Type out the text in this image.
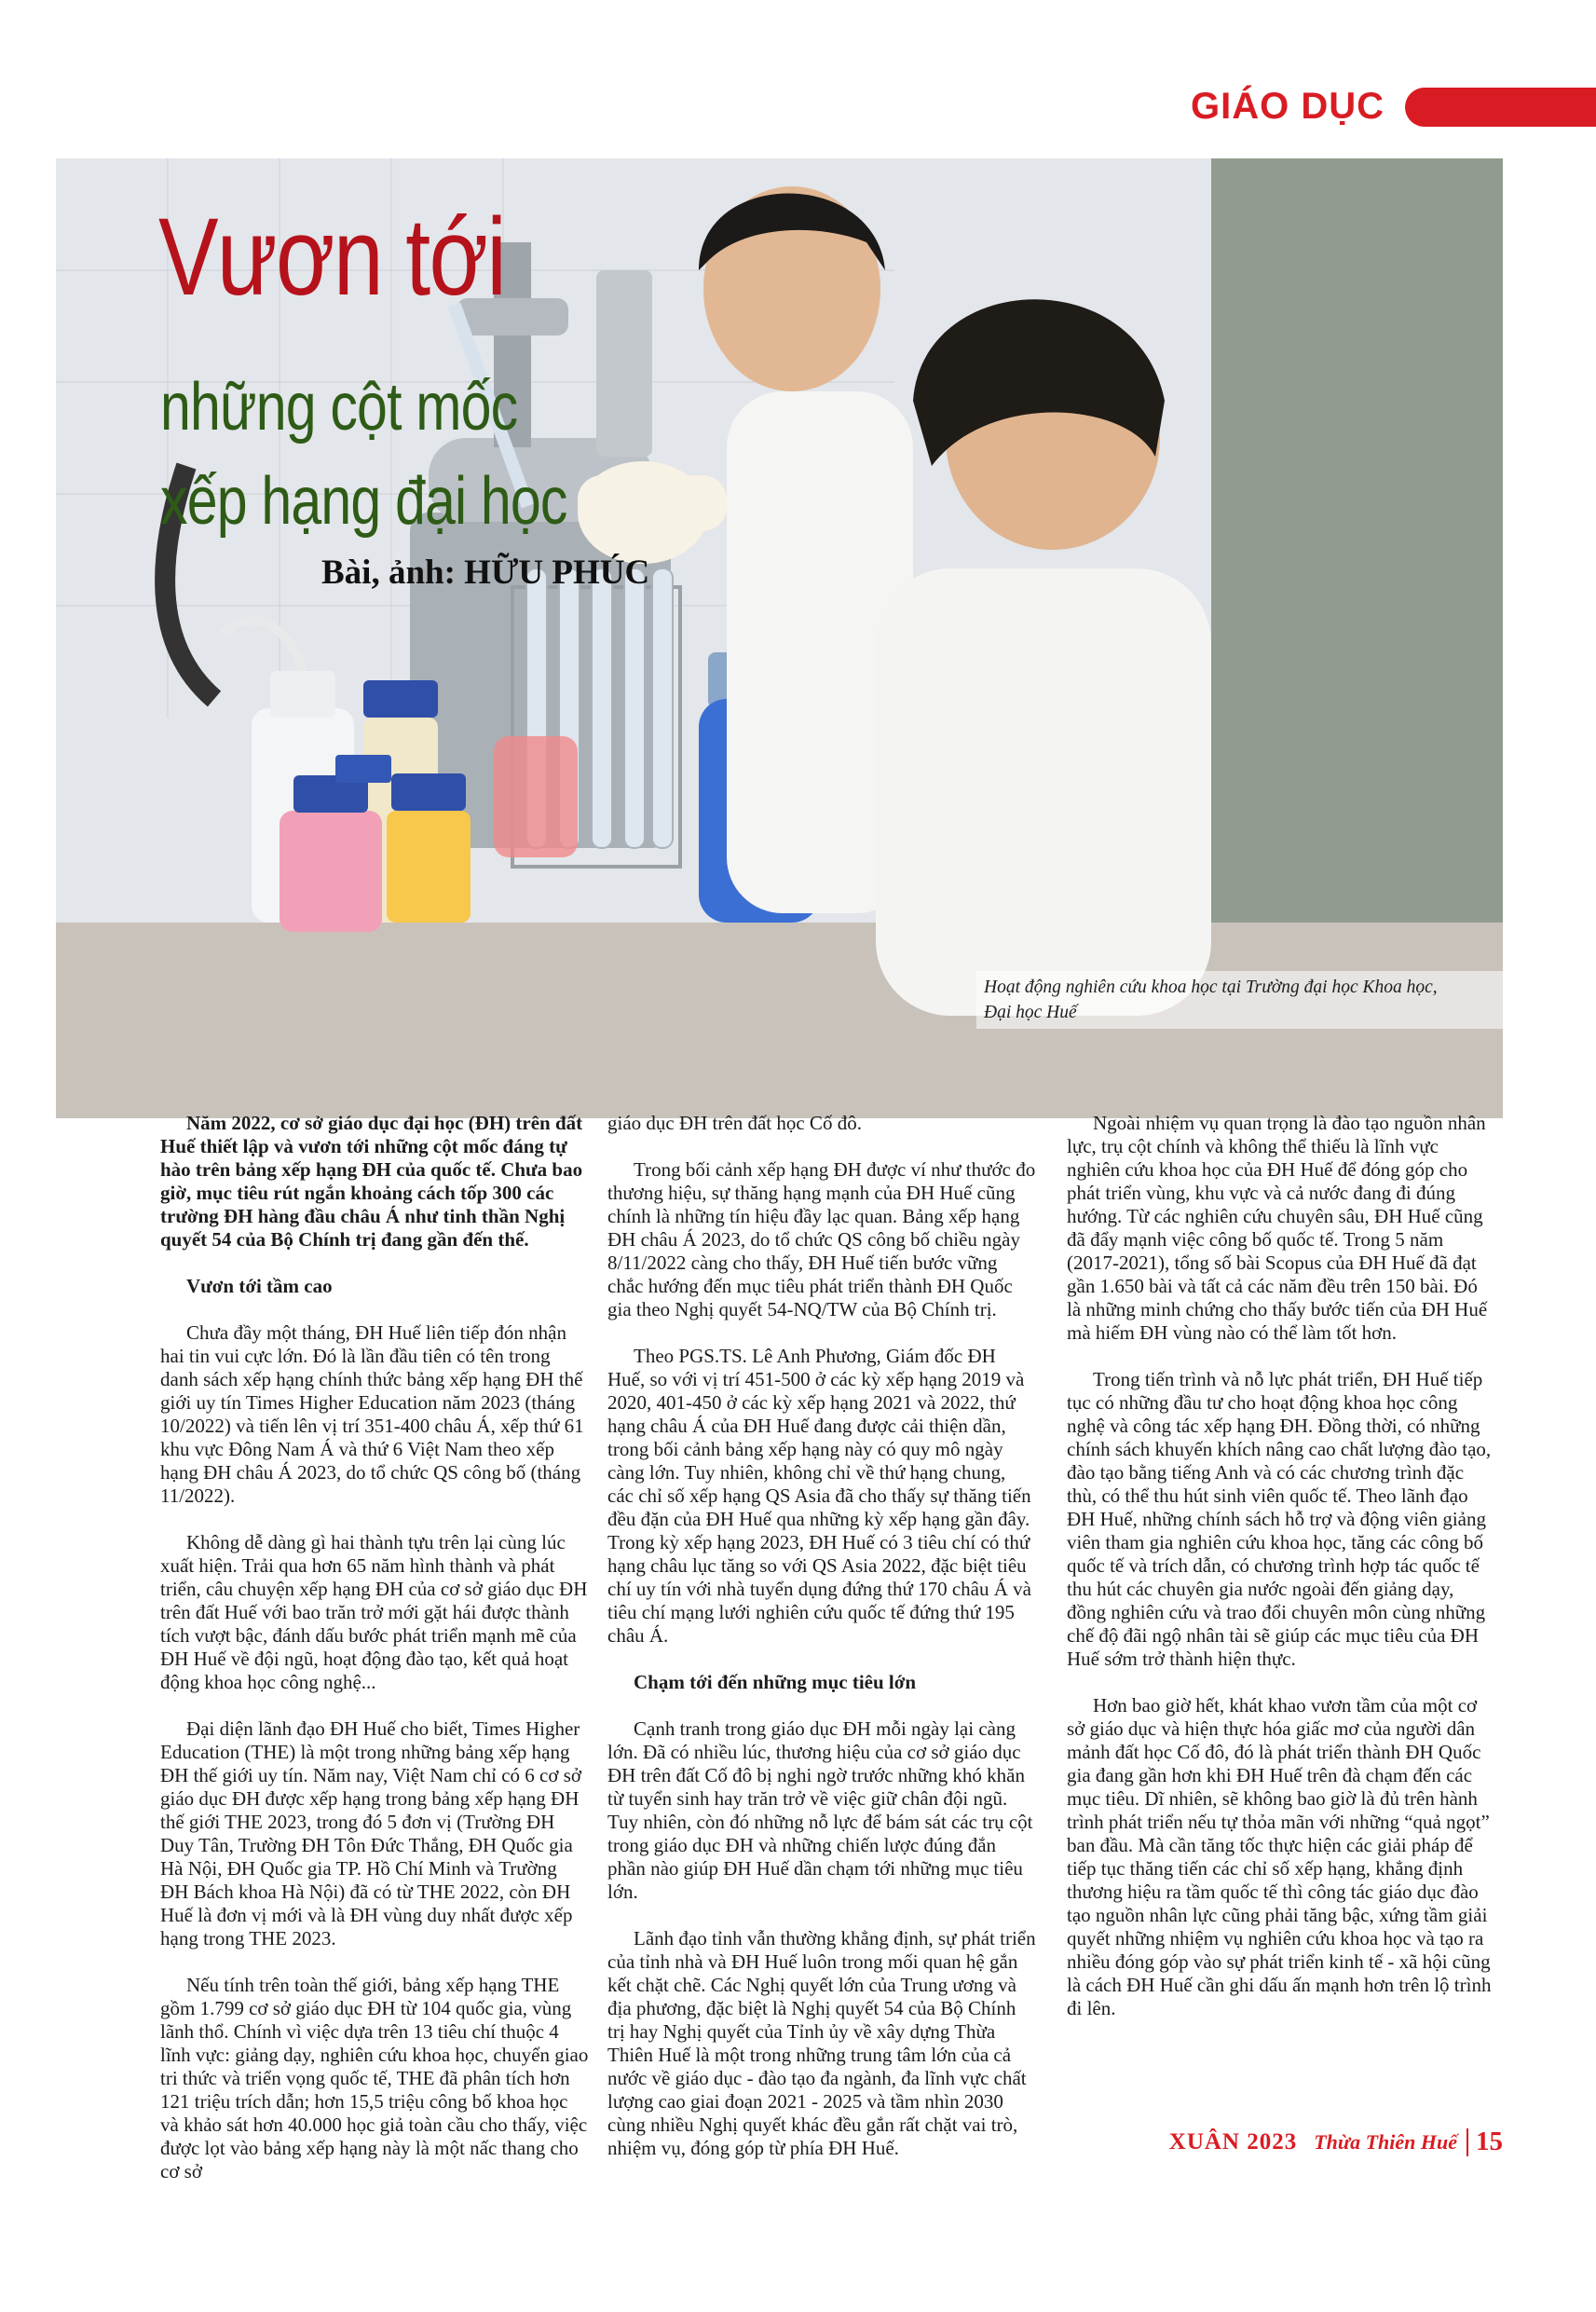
GIÁO DỤC
Vươn tới
những cột mốc
xếp hạng đại học
Bài, ảnh: HỮU PHÚC
Hoạt động nghiên cứu khoa học tại Trường đại học Khoa học,
Đại học Huế

Năm 2022, cơ sở giáo dục đại học (ĐH) trên đất Huế thiết lập và vươn tới những cột mốc đáng tự hào trên bảng xếp hạng ĐH của quốc tế. Chưa bao giờ, mục tiêu rút ngắn khoảng cách tốp 300 các trường ĐH hàng đầu châu Á như tinh thần Nghị quyết 54 của Bộ Chính trị đang gần đến thế.

Vươn tới tầm cao

Chưa đầy một tháng, ĐH Huế liên tiếp đón nhận hai tin vui cực lớn. Đó là lần đầu tiên có tên trong danh sách xếp hạng chính thức bảng xếp hạng ĐH thế giới uy tín Times Higher Education năm 2023 (tháng 10/2022) và tiến lên vị trí 351-400 châu Á, xếp thứ 61 khu vực Đông Nam Á và thứ 6 Việt Nam theo xếp hạng ĐH châu Á 2023, do tổ chức QS công bố (tháng 11/2022).

Không dễ dàng gì hai thành tựu trên lại cùng lúc xuất hiện. Trải qua hơn 65 năm hình thành và phát triển, câu chuyện xếp hạng ĐH của cơ sở giáo dục ĐH trên đất Huế với bao trăn trở mới gặt hái được thành tích vượt bậc, đánh dấu bước phát triển mạnh mẽ của ĐH Huế về đội ngũ, hoạt động đào tạo, kết quả hoạt động khoa học công nghệ...

Đại diện lãnh đạo ĐH Huế cho biết, Times Higher Education (THE) là một trong những bảng xếp hạng ĐH thế giới uy tín. Năm nay, Việt Nam chỉ có 6 cơ sở giáo dục ĐH được xếp hạng trong bảng xếp hạng ĐH thế giới THE 2023, trong đó 5 đơn vị (Trường ĐH Duy Tân, Trường ĐH Tôn Đức Thắng, ĐH Quốc gia Hà Nội, ĐH Quốc gia TP. Hồ Chí Minh và Trường ĐH Bách khoa Hà Nội) đã có từ THE 2022, còn ĐH Huế là đơn vị mới và là ĐH vùng duy nhất được xếp hạng trong THE 2023.

Nếu tính trên toàn thế giới, bảng xếp hạng THE gồm 1.799 cơ sở giáo dục ĐH từ 104 quốc gia, vùng lãnh thổ. Chính vì việc dựa trên 13 tiêu chí thuộc 4 lĩnh vực: giảng dạy, nghiên cứu khoa học, chuyển giao tri thức và triển vọng quốc tế, THE đã phân tích hơn 121 triệu trích dẫn; hơn 15,5 triệu công bố khoa học và khảo sát hơn 40.000 học giả toàn cầu cho thấy, việc được lọt vào bảng xếp hạng này là một nấc thang cho cơ sở

giáo dục ĐH trên đất học Cố đô.

Trong bối cảnh xếp hạng ĐH được ví như thước đo thương hiệu, sự thăng hạng mạnh của ĐH Huế cũng chính là những tín hiệu đầy lạc quan. Bảng xếp hạng ĐH châu Á 2023, do tổ chức QS công bố chiều ngày 8/11/2022 càng cho thấy, ĐH Huế tiến bước vững chắc hướng đến mục tiêu phát triển thành ĐH Quốc gia theo Nghị quyết 54-NQ/TW của Bộ Chính trị.

Theo PGS.TS. Lê Anh Phương, Giám đốc ĐH Huế, so với vị trí 451-500 ở các kỳ xếp hạng 2019 và 2020, 401-450 ở các kỳ xếp hạng 2021 và 2022, thứ hạng châu Á của ĐH Huế đang được cải thiện dần, trong bối cảnh bảng xếp hạng này có quy mô ngày càng lớn. Tuy nhiên, không chỉ về thứ hạng chung, các chỉ số xếp hạng QS Asia đã cho thấy sự thăng tiến đều đặn của ĐH Huế qua những kỳ xếp hạng gần đây. Trong kỳ xếp hạng 2023, ĐH Huế có 3 tiêu chí có thứ hạng châu lục tăng so với QS Asia 2022, đặc biệt tiêu chí uy tín với nhà tuyển dụng đứng thứ 170 châu Á và tiêu chí mạng lưới nghiên cứu quốc tế đứng thứ 195 châu Á.

Chạm tới đến những mục tiêu lớn

Cạnh tranh trong giáo dục ĐH mỗi ngày lại càng lớn. Đã có nhiều lúc, thương hiệu của cơ sở giáo dục ĐH trên đất Cố đô bị nghi ngờ trước những khó khăn từ tuyển sinh hay trăn trở về việc giữ chân đội ngũ. Tuy nhiên, còn đó những nỗ lực để bám sát các trụ cột trong giáo dục ĐH và những chiến lược đúng đắn phần nào giúp ĐH Huế dần chạm tới những mục tiêu lớn.

Lãnh đạo tỉnh vẫn thường khẳng định, sự phát triển của tỉnh nhà và ĐH Huế luôn trong mối quan hệ gắn kết chặt chẽ. Các Nghị quyết lớn của Trung ương và địa phương, đặc biệt là Nghị quyết 54 của Bộ Chính trị hay Nghị quyết của Tỉnh ủy về xây dựng Thừa Thiên Huế là một trong những trung tâm lớn của cả nước về giáo dục - đào tạo đa ngành, đa lĩnh vực chất lượng cao giai đoạn 2021 - 2025 và tầm nhìn 2030 cùng nhiều Nghị quyết khác đều gắn rất chặt vai trò, nhiệm vụ, đóng góp từ phía ĐH Huế.

Ngoài nhiệm vụ quan trọng là đào tạo nguồn nhân lực, trụ cột chính và không thể thiếu là lĩnh vực nghiên cứu khoa học của ĐH Huế để đóng góp cho phát triển vùng, khu vực và cả nước đang đi đúng hướng. Từ các nghiên cứu chuyên sâu, ĐH Huế cũng đã đẩy mạnh việc công bố quốc tế. Trong 5 năm (2017-2021), tổng số bài Scopus của ĐH Huế đã đạt gần 1.650 bài và tất cả các năm đều trên 150 bài. Đó là những minh chứng cho thấy bước tiến của ĐH Huế mà hiếm ĐH vùng nào có thể làm tốt hơn.

Trong tiến trình và nỗ lực phát triển, ĐH Huế tiếp tục có những đầu tư cho hoạt động khoa học công nghệ và công tác xếp hạng ĐH. Đồng thời, có những chính sách khuyến khích nâng cao chất lượng đào tạo, đào tạo bằng tiếng Anh và có các chương trình đặc thù, có thể thu hút sinh viên quốc tế. Theo lãnh đạo ĐH Huế, những chính sách hỗ trợ và động viên giảng viên tham gia nghiên cứu khoa học, tăng các công bố quốc tế và trích dẫn, có chương trình hợp tác quốc tế thu hút các chuyên gia nước ngoài đến giảng dạy, đồng nghiên cứu và trao đổi chuyên môn cùng những chế độ đãi ngộ nhân tài sẽ giúp các mục tiêu của ĐH Huế sớm trở thành hiện thực.

Hơn bao giờ hết, khát khao vươn tầm của một cơ sở giáo dục và hiện thực hóa giấc mơ của người dân mảnh đất học Cố đô, đó là phát triển thành ĐH Quốc gia đang gần hơn khi ĐH Huế trên đà chạm đến các mục tiêu. Dĩ nhiên, sẽ không bao giờ là đủ trên hành trình phát triển nếu tự thỏa mãn với những “quả ngọt” ban đầu. Mà cần tăng tốc thực hiện các giải pháp để tiếp tục thăng tiến các chỉ số xếp hạng, khẳng định thương hiệu ra tầm quốc tế thì công tác giáo dục đào tạo nguồn nhân lực cũng phải tăng bậc, xứng tầm giải quyết những nhiệm vụ nghiên cứu khoa học và tạo ra nhiều đóng góp vào sự phát triển kinh tế - xã hội cũng là cách ĐH Huế cần ghi dấu ấn mạnh hơn trên lộ trình đi lên.

XUÂN 2023 Thừa Thiên Huế 15
